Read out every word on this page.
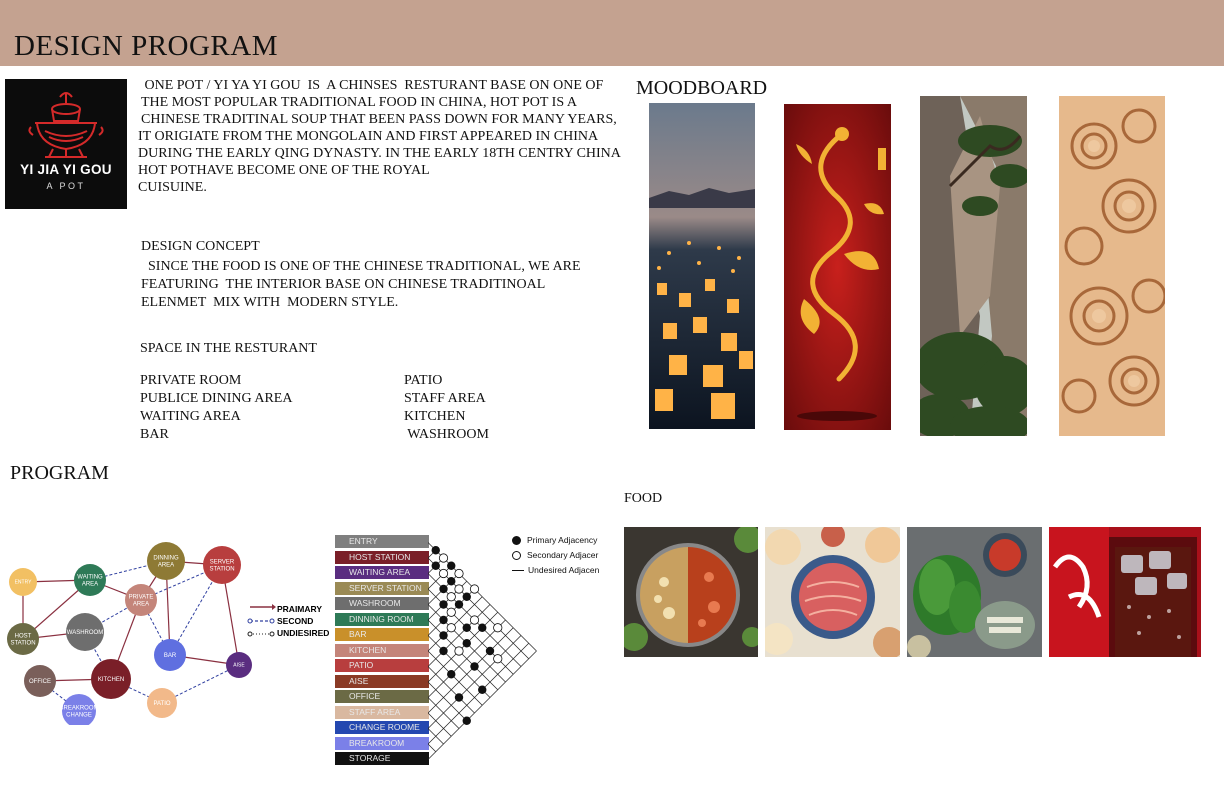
DESIGN PROGRAM
YI JIA YI GOU
A POT
ONE POT / YI YA YI GOU  IS  A CHINSES  RESTURANT BASE ON ONE OF
THE MOST POPULAR TRADITIONAL FOOD IN CHINA, HOT POT IS A
CHINESE TRADITINAL SOUP THAT BEEN PASS DOWN FOR MANY YEARS,
IT ORIGIATE FROM THE MONGOLAIN AND FIRST APPEARED IN CHINA
DURING THE EARLY QING DYNASTY. IN THE EARLY 18TH CENTRY CHINA
HOT POTHAVE BECOME ONE OF THE ROYAL
CUISUINE.
DESIGN CONCEPT
SINCE THE FOOD IS ONE OF THE CHINESE TRADITIONAL, WE ARE
FEATURING  THE INTERIOR BASE ON CHINESE TRADITINOAL
ELENMET  MIX WITH  MODERN STYLE.
SPACE IN THE RESTURANT
PRIVATE ROOM
PUBLICE DINING AREA
WAITING AREA
BAR
PATIO
STAFF AREA
KITCHEN
WASHROOM
MOODBOARD
PROGRAM
ENTRY
WAITING
AREA
DINNING
AREA	SERVER
STATION
PRIVATE
AREA
HOST
STATION
WASHROOM
BAR
AISE
OFFICE	KITCHEN
PATIO
BREAKROOM
CHANGE
PRAIMARY
SECOND
UNDIESIRED
ENTRY
HOST STATION
WAITING AREA
SERVER STATION
WASHROOM
DINNING ROOM
BAR
KITCHEN
PATIO
AISE
OFFICE
STAFF AREA
CHANGE ROOME
BREAKROOM
STORAGE
Primary Adjacency
Secondary Adjacer
Undesired Adjacen
FOOD
